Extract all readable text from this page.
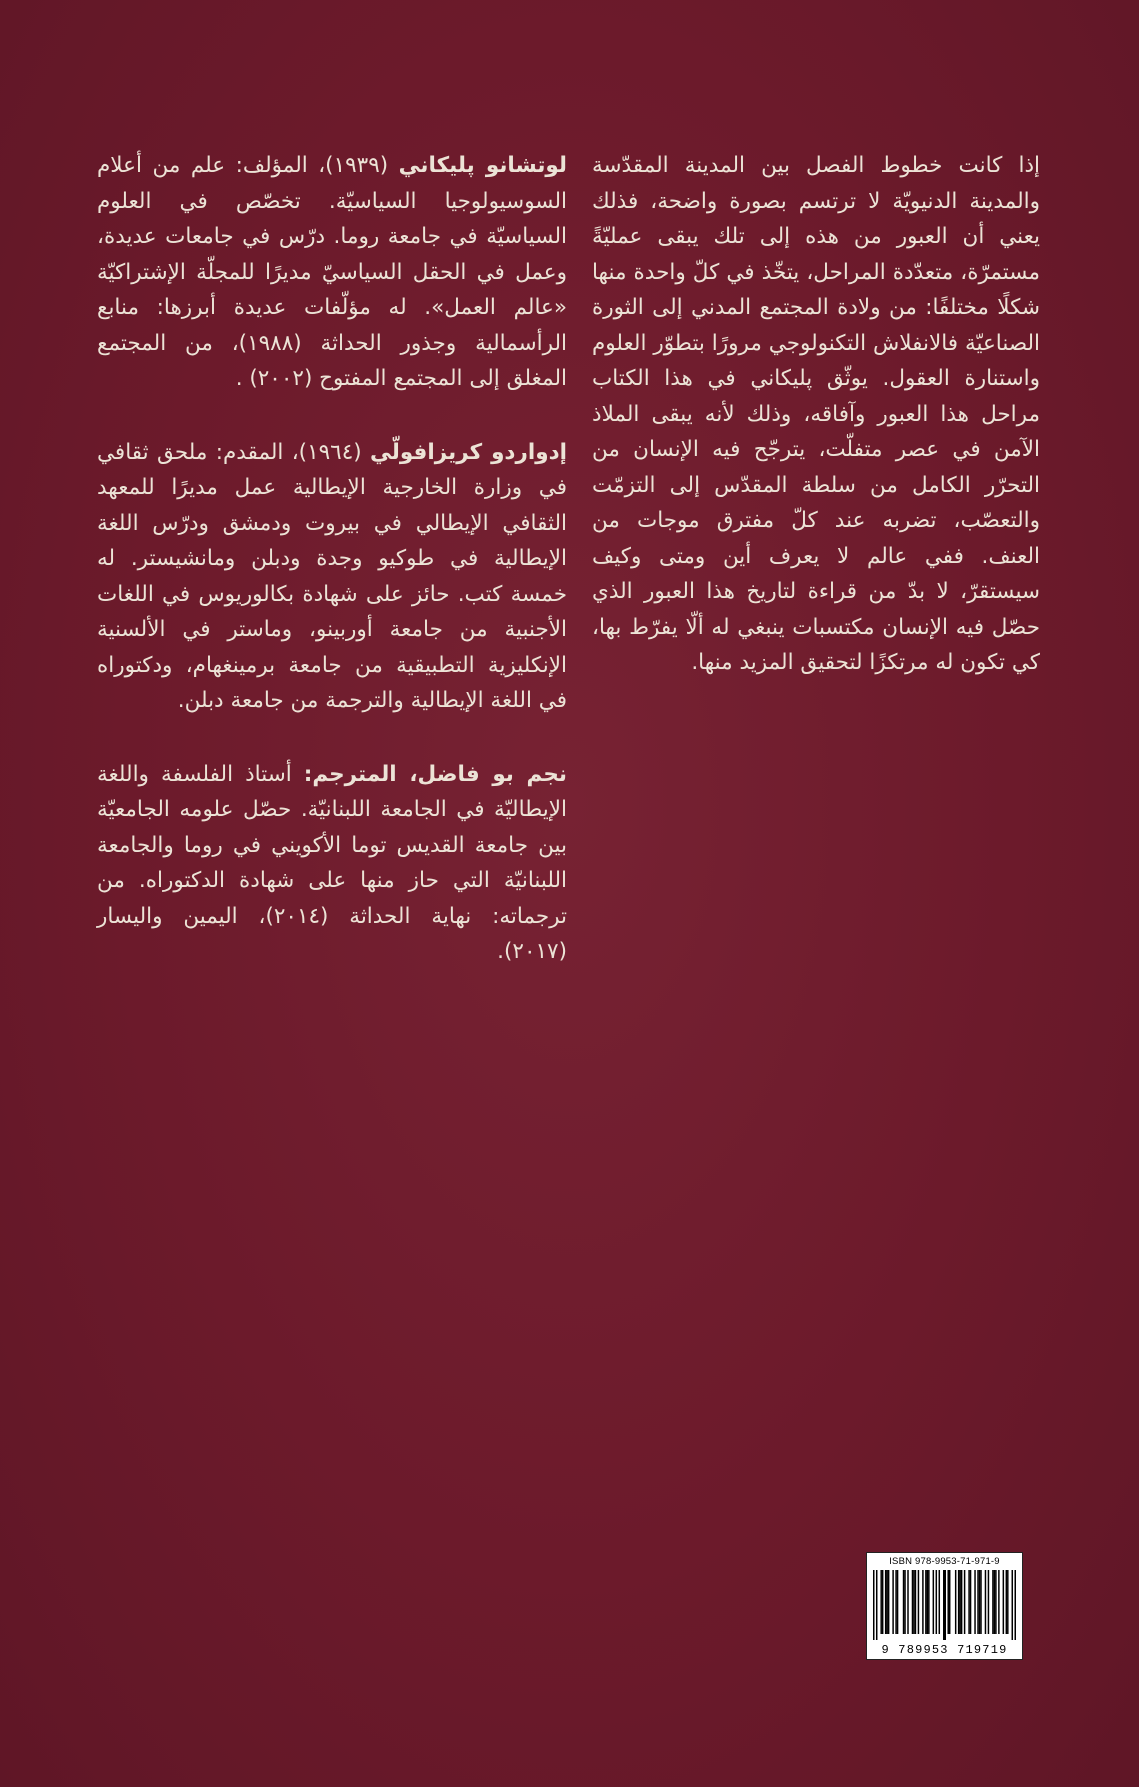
لوتشانو پليكاني (١٩٣٩)، المؤلف: علم من أعلام السوسيولوجيا السياسيّة. تخصّص في العلوم السياسيّة في جامعة روما. درّس في جامعات عديدة، وعمل في الحقل السياسيّ مديرًا للمجلّة الإشتراكيّة «عالم العمل». له مؤلّفات عديدة أبرزها: منابع الرأسمالية وجذور الحداثة (١٩٨٨)، من المجتمع المغلق إلى المجتمع المفتوح (٢٠٠٢) .

إدواردو كريزافولّي (١٩٦٤)، المقدم: ملحق ثقافي في وزارة الخارجية الإيطالية عمل مديرًا للمعهد الثقافي الإيطالي في بيروت ودمشق ودرّس اللغة الإيطالية في طوكيو وجدة ودبلن ومانشيستر. له خمسة كتب. حائز على شهادة بكالوريوس في اللغات الأجنبية من جامعة أوربينو، وماستر في الألسنية الإنكليزية التطبيقية من جامعة برمينغهام، ودكتوراه في اللغة الإيطالية والترجمة من جامعة دبلن.

نجم بو فاضل، المترجم: أستاذ الفلسفة واللغة الإيطاليّة في الجامعة اللبنانيّة. حصّل علومه الجامعيّة بين جامعة القديس توما الأكويني في روما والجامعة اللبنانيّة التي حاز منها على شهادة الدكتوراه. من ترجماته: نهاية الحداثة (٢٠١٤)، اليمين واليسار (٢٠١٧).

إذا كانت خطوط الفصل بين المدينة المقدّسة والمدينة الدنيويّة لا ترتسم بصورة واضحة، فذلك يعني أن العبور من هذه إلى تلك يبقى عمليّةً مستمرّة، متعدّدة المراحل، يتخّذ في كلّ واحدة منها شكلًا مختلفًا: من ولادة المجتمع المدني إلى الثورة الصناعيّة فالانفلاش التكنولوجي مرورًا بتطوّر العلوم واستنارة العقول. يوثّق پليكاني في هذا الكتاب مراحل هذا العبور وآفاقه، وذلك لأنه يبقى الملاذ الآمن في عصر متفلّت، يترجّح فيه الإنسان من التحرّر الكامل من سلطة المقدّس إلى التزمّت والتعصّب، تضربه عند كلّ مفترق موجات من العنف. ففي عالم لا يعرف أين ومتى وكيف سيستقرّ، لا بدّ من قراءة لتاريخ هذا العبور الذي حصّل فيه الإنسان مكتسبات ينبغي له ألّا يفرّط بها، كي تكون له مرتكزًا لتحقيق المزيد منها.

ISBN 978-9953-71-971-9
9 789953 719719
